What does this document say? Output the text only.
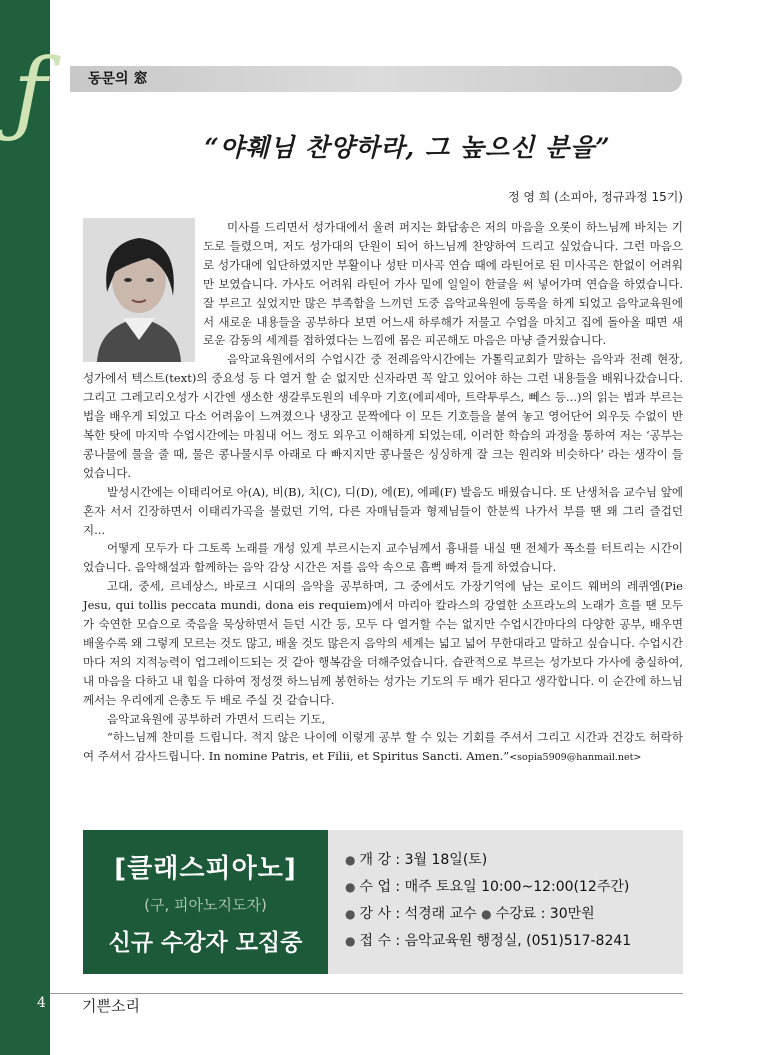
ƒ	동문의 窓
“야훼님 찬양하라, 그 높으신 분을”
정 영 희 (소피아, 정규과정 15기)

미사를 드리면서 성가대에서 울려 퍼지는 화답송은 저의 마음을 오롯이 하느님께 바치는 기도로 들렸으며, 저도 성가대의 단원이 되어 하느님께 찬양하여 드리고 싶었습니다. 그런 마음으로 성가대에 입단하였지만 부활이나 성탄 미사곡 연습 때에 라틴어로 된 미사곡은 한없이 어려워만 보였습니다. 가사도 어려워 라틴어 가사 밑에 일일이 한글을 써 넣어가며 연습을 하였습니다. 잘 부르고 싶었지만 많은 부족함을 느끼던 도중 음악교육원에 등록을 하게 되었고 음악교육원에서 새로운 내용들을 공부하다 보면 어느새 하루해가 저물고 수업을 마치고 집에 돌아올 때면 새로운 감동의 세계를 접하였다는 느낌에 몸은 피곤해도 마음은 마냥 즐거웠습니다.

음악교육원에서의 수업시간 중 전례음악시간에는 가톨릭교회가 말하는 음악과 전례 현장, 성가에서 텍스트(text)의 중요성 등 다 열거 할 순 없지만 신자라면 꼭 알고 있어야 하는 그런 내용들을 배워나갔습니다. 그리고 그레고리오성가 시간엔 생소한 생갈루도원의 네우마 기호(에피세마, 트락투루스, 뻬스 등...)의 읽는 법과 부르는 법을 배우게 되었고 다소 어려움이 느껴졌으나 냉장고 문짝에다 이 모든 기호들을 붙여 놓고 영어단어 외우듯 수없이 반복한 탓에 마지막 수업시간에는 마침내 어느 정도 외우고 이해하게 되었는데, 이러한 학습의 과정을 통하여 저는 ‘공부는 콩나물에 물을 줄 때, 물은 콩나물시루 아래로 다 빠지지만 콩나물은 싱싱하게 잘 크는 원리와 비슷하다’ 라는 생각이 들었습니다.

발성시간에는 이태리어로 아(A), 비(B), 치(C), 디(D), 에(E), 에페(F) 발음도 배웠습니다. 또 난생처음 교수님 앞에 혼자 서서 긴장하면서 이태리가곡을 불렀던 기억, 다른 자매님들과 형제님들이 한분씩 나가서 부를 땐 왜 그리 즐겁던지...

어떻게 모두가 다 그토록 노래를 개성 있게 부르시는지 교수님께서 흉내를 내실 땐 전체가 폭소를 터트리는 시간이었습니다. 음악해설과 함께하는 음악 감상 시간은 저를 음악 속으로 흠뻑 빠져 들게 하였습니다.

고대, 중세, 르네상스, 바로크 시대의 음악을 공부하며, 그 중에서도 가장기억에 남는 로이드 웨버의 레퀴엠(Pie Jesu, qui tollis peccata mundi, dona eis requiem)에서 마리아 칼라스의 강열한 소프라노의 노래가 흐를 땐 모두가 숙연한 모습으로 죽음을 묵상하면서 듣던 시간 등, 모두 다 열거할 수는 없지만 수업시간마다의 다양한 공부, 배우면 배울수록 왜 그렇게 모르는 것도 많고, 배울 것도 많은지 음악의 세계는 넓고 넓어 무한대라고 말하고 싶습니다. 수업시간 마다 저의 지적능력이 업그레이드되는 것 같아 행복감을 더해주었습니다. 습관적으로 부르는 성가보다 가사에 충실하여, 내 마음을 다하고 내 힘을 다하여 정성껏 하느님께 봉헌하는 성가는 기도의 두 배가 된다고 생각합니다. 이 순간에 하느님께서는 우리에게 은총도 두 배로 주실 것 같습니다.

음악교육원에 공부하러 가면서 드리는 기도,

“하느님께 찬미를 드립니다. 적지 않은 나이에 이렇게 공부 할 수 있는 기회를 주셔서 그리고 시간과 건강도 허락하여 주셔서 감사드립니다. In nomine Patris, et Filii, et Spiritus Sancti. Amen.”<sopia5909@hanmail.net>

[클래스피아노]
(구, 피아노지도자)
신규 수강자 모집중
● 개 강 : 3월 18일(토)
● 수 업 : 매주 토요일 10:00~12:00(12주간)
● 강 사 : 석경래 교수 ● 수강료 : 30만원
● 접 수 : 음악교육원 행정실, (051)517-8241
4 기쁜소리
